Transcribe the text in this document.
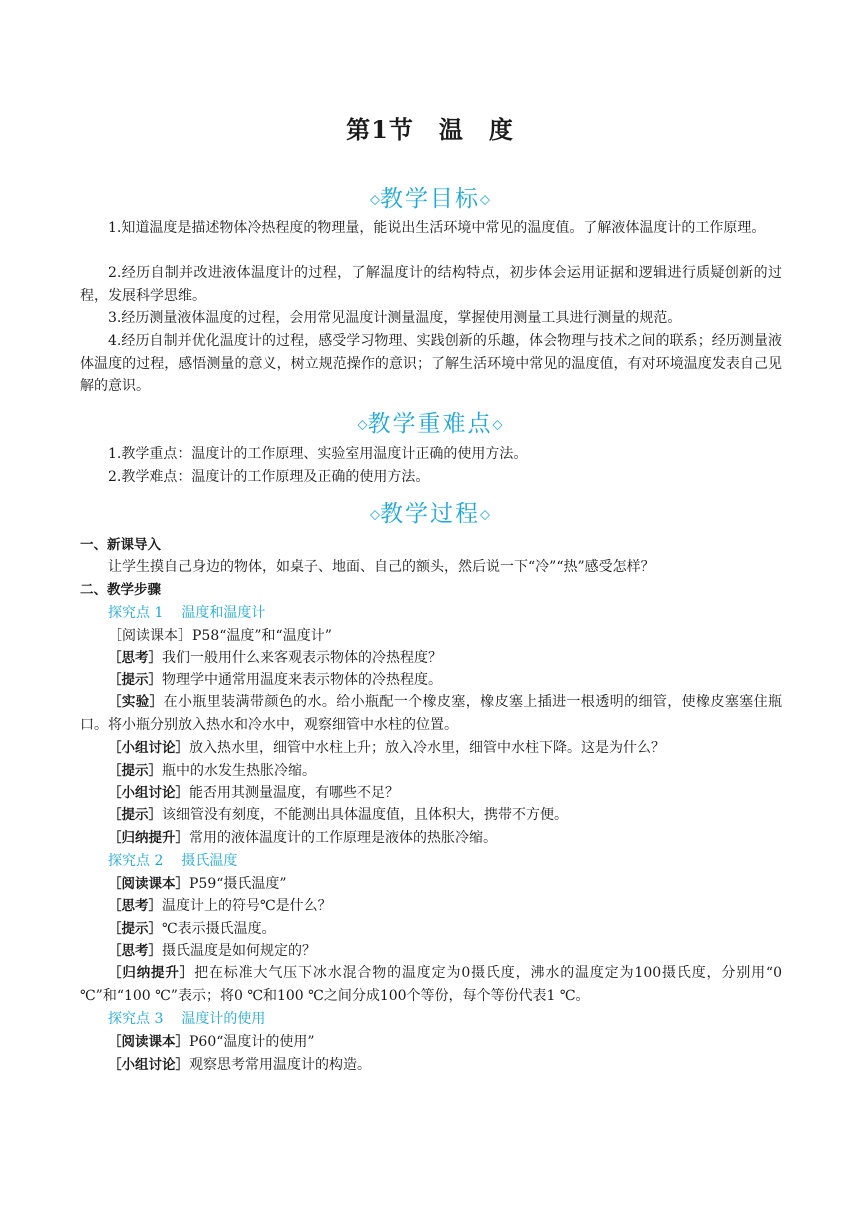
第1节　温　度
◇教学目标◇
1.知道温度是描述物体冷热程度的物理量，能说出生活环境中常见的温度值。了解液体温度计的工作原理。
2.经历自制并改进液体温度计的过程，了解温度计的结构特点，初步体会运用证据和逻辑进行质疑创新的过程，发展科学思维。
3.经历测量液体温度的过程，会用常见温度计测量温度，掌握使用测量工具进行测量的规范。
4.经历自制并优化温度计的过程，感受学习物理、实践创新的乐趣，体会物理与技术之间的联系；经历测量液体温度的过程，感悟测量的意义，树立规范操作的意识；了解生活环境中常见的温度值，有对环境温度发表自己见解的意识。
◇教学重难点◇
1.教学重点：温度计的工作原理、实验室用温度计正确的使用方法。
2.教学难点：温度计的工作原理及正确的使用方法。
◇教学过程◇
一、新课导入
让学生摸自己身边的物体，如桌子、地面、自己的额头，然后说一下“冷”“热”感受怎样？
二、教学步骤
探究点 1 温度和温度计
［阅读课本］P58“温度”和“温度计”
［思考］我们一般用什么来客观表示物体的冷热程度？
［提示］物理学中通常用温度来表示物体的冷热程度。
［实验］在小瓶里装满带颜色的水。给小瓶配一个橡皮塞，橡皮塞上插进一根透明的细管，使橡皮塞塞住瓶口。将小瓶分别放入热水和冷水中，观察细管中水柱的位置。
［小组讨论］放入热水里，细管中水柱上升；放入冷水里，细管中水柱下降。这是为什么？
［提示］瓶中的水发生热胀冷缩。
［小组讨论］能否用其测量温度，有哪些不足？
［提示］该细管没有刻度，不能测出具体温度值，且体积大，携带不方便。
［归纳提升］常用的液体温度计的工作原理是液体的热胀冷缩。
探究点 2 摄氏温度
［阅读课本］P59“摄氏温度”
［思考］温度计上的符号℃是什么？
［提示］℃表示摄氏温度。
［思考］摄氏温度是如何规定的？
［归纳提升］把在标准大气压下冰水混合物的温度定为0摄氏度，沸水的温度定为100摄氏度，分别用“0 ℃”和“100 ℃”表示；将0 ℃和100 ℃之间分成100个等份，每个等份代表1 ℃。
探究点 3 温度计的使用
［阅读课本］P60“温度计的使用”
［小组讨论］观察思考常用温度计的构造。
